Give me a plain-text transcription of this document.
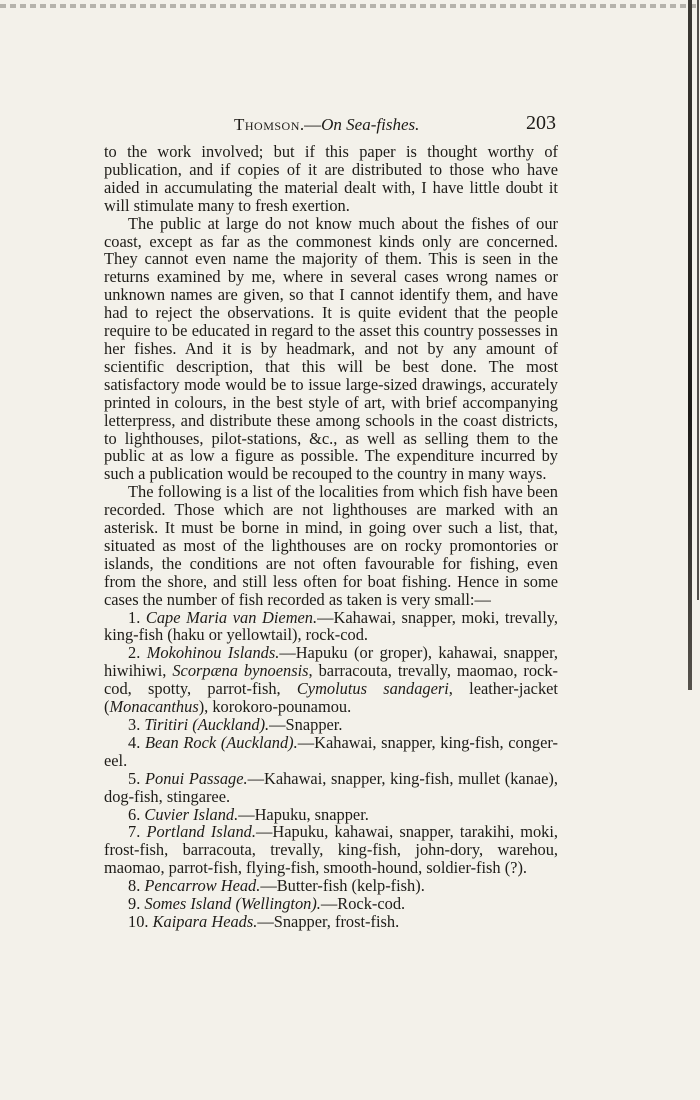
Thomson.—On Sea-fishes.	203

to the work involved; but if this paper is thought worthy of publication, and if copies of it are distributed to those who have aided in accumulating the material dealt with, I have little doubt it will stimulate many to fresh exertion.

The public at large do not know much about the fishes of our coast, except as far as the commonest kinds only are concerned. They cannot even name the majority of them. This is seen in the returns examined by me, where in several cases wrong names or unknown names are given, so that I cannot identify them, and have had to reject the observations. It is quite evident that the people require to be educated in regard to the asset this country possesses in her fishes. And it is by headmark, and not by any amount of scientific description, that this will be best done. The most satisfactory mode would be to issue large-sized drawings, accurately printed in colours, in the best style of art, with brief accompanying letterpress, and distribute these among schools in the coast districts, to lighthouses, pilot-stations, &c., as well as selling them to the public at as low a figure as possible. The expenditure incurred by such a publication would be recouped to the country in many ways.

The following is a list of the localities from which fish have been recorded. Those which are not lighthouses are marked with an asterisk. It must be borne in mind, in going over such a list, that, situated as most of the lighthouses are on rocky promontories or islands, the conditions are not often favourable for fishing, even from the shore, and still less often for boat fishing. Hence in some cases the number of fish recorded as taken is very small:—

1. Cape Maria van Diemen.—Kahawai, snapper, moki, trevally, king-fish (haku or yellowtail), rock-cod.

2. Mokohinou Islands.—Hapuku (or groper), kahawai, snapper, hiwihiwi, Scorpæna bynoensis, barracouta, trevally, maomao, rock-cod, spotty, parrot-fish, Cymolutus sandageri, leather-jacket (Monacanthus), korokoro-pounamou.

3. Tiritiri (Auckland).—Snapper.

4. Bean Rock (Auckland).—Kahawai, snapper, king-fish, conger-eel.

5. Ponui Passage.—Kahawai, snapper, king-fish, mullet (kanae), dog-fish, stingaree.

6. Cuvier Island.—Hapuku, snapper.

7. Portland Island.—Hapuku, kahawai, snapper, tarakihi, moki, frost-fish, barracouta, trevally, king-fish, john-dory, warehou, maomao, parrot-fish, flying-fish, smooth-hound, soldier-fish (?).

8. Pencarrow Head.—Butter-fish (kelp-fish).

9. Somes Island (Wellington).—Rock-cod.

10. Kaipara Heads.—Snapper, frost-fish.
